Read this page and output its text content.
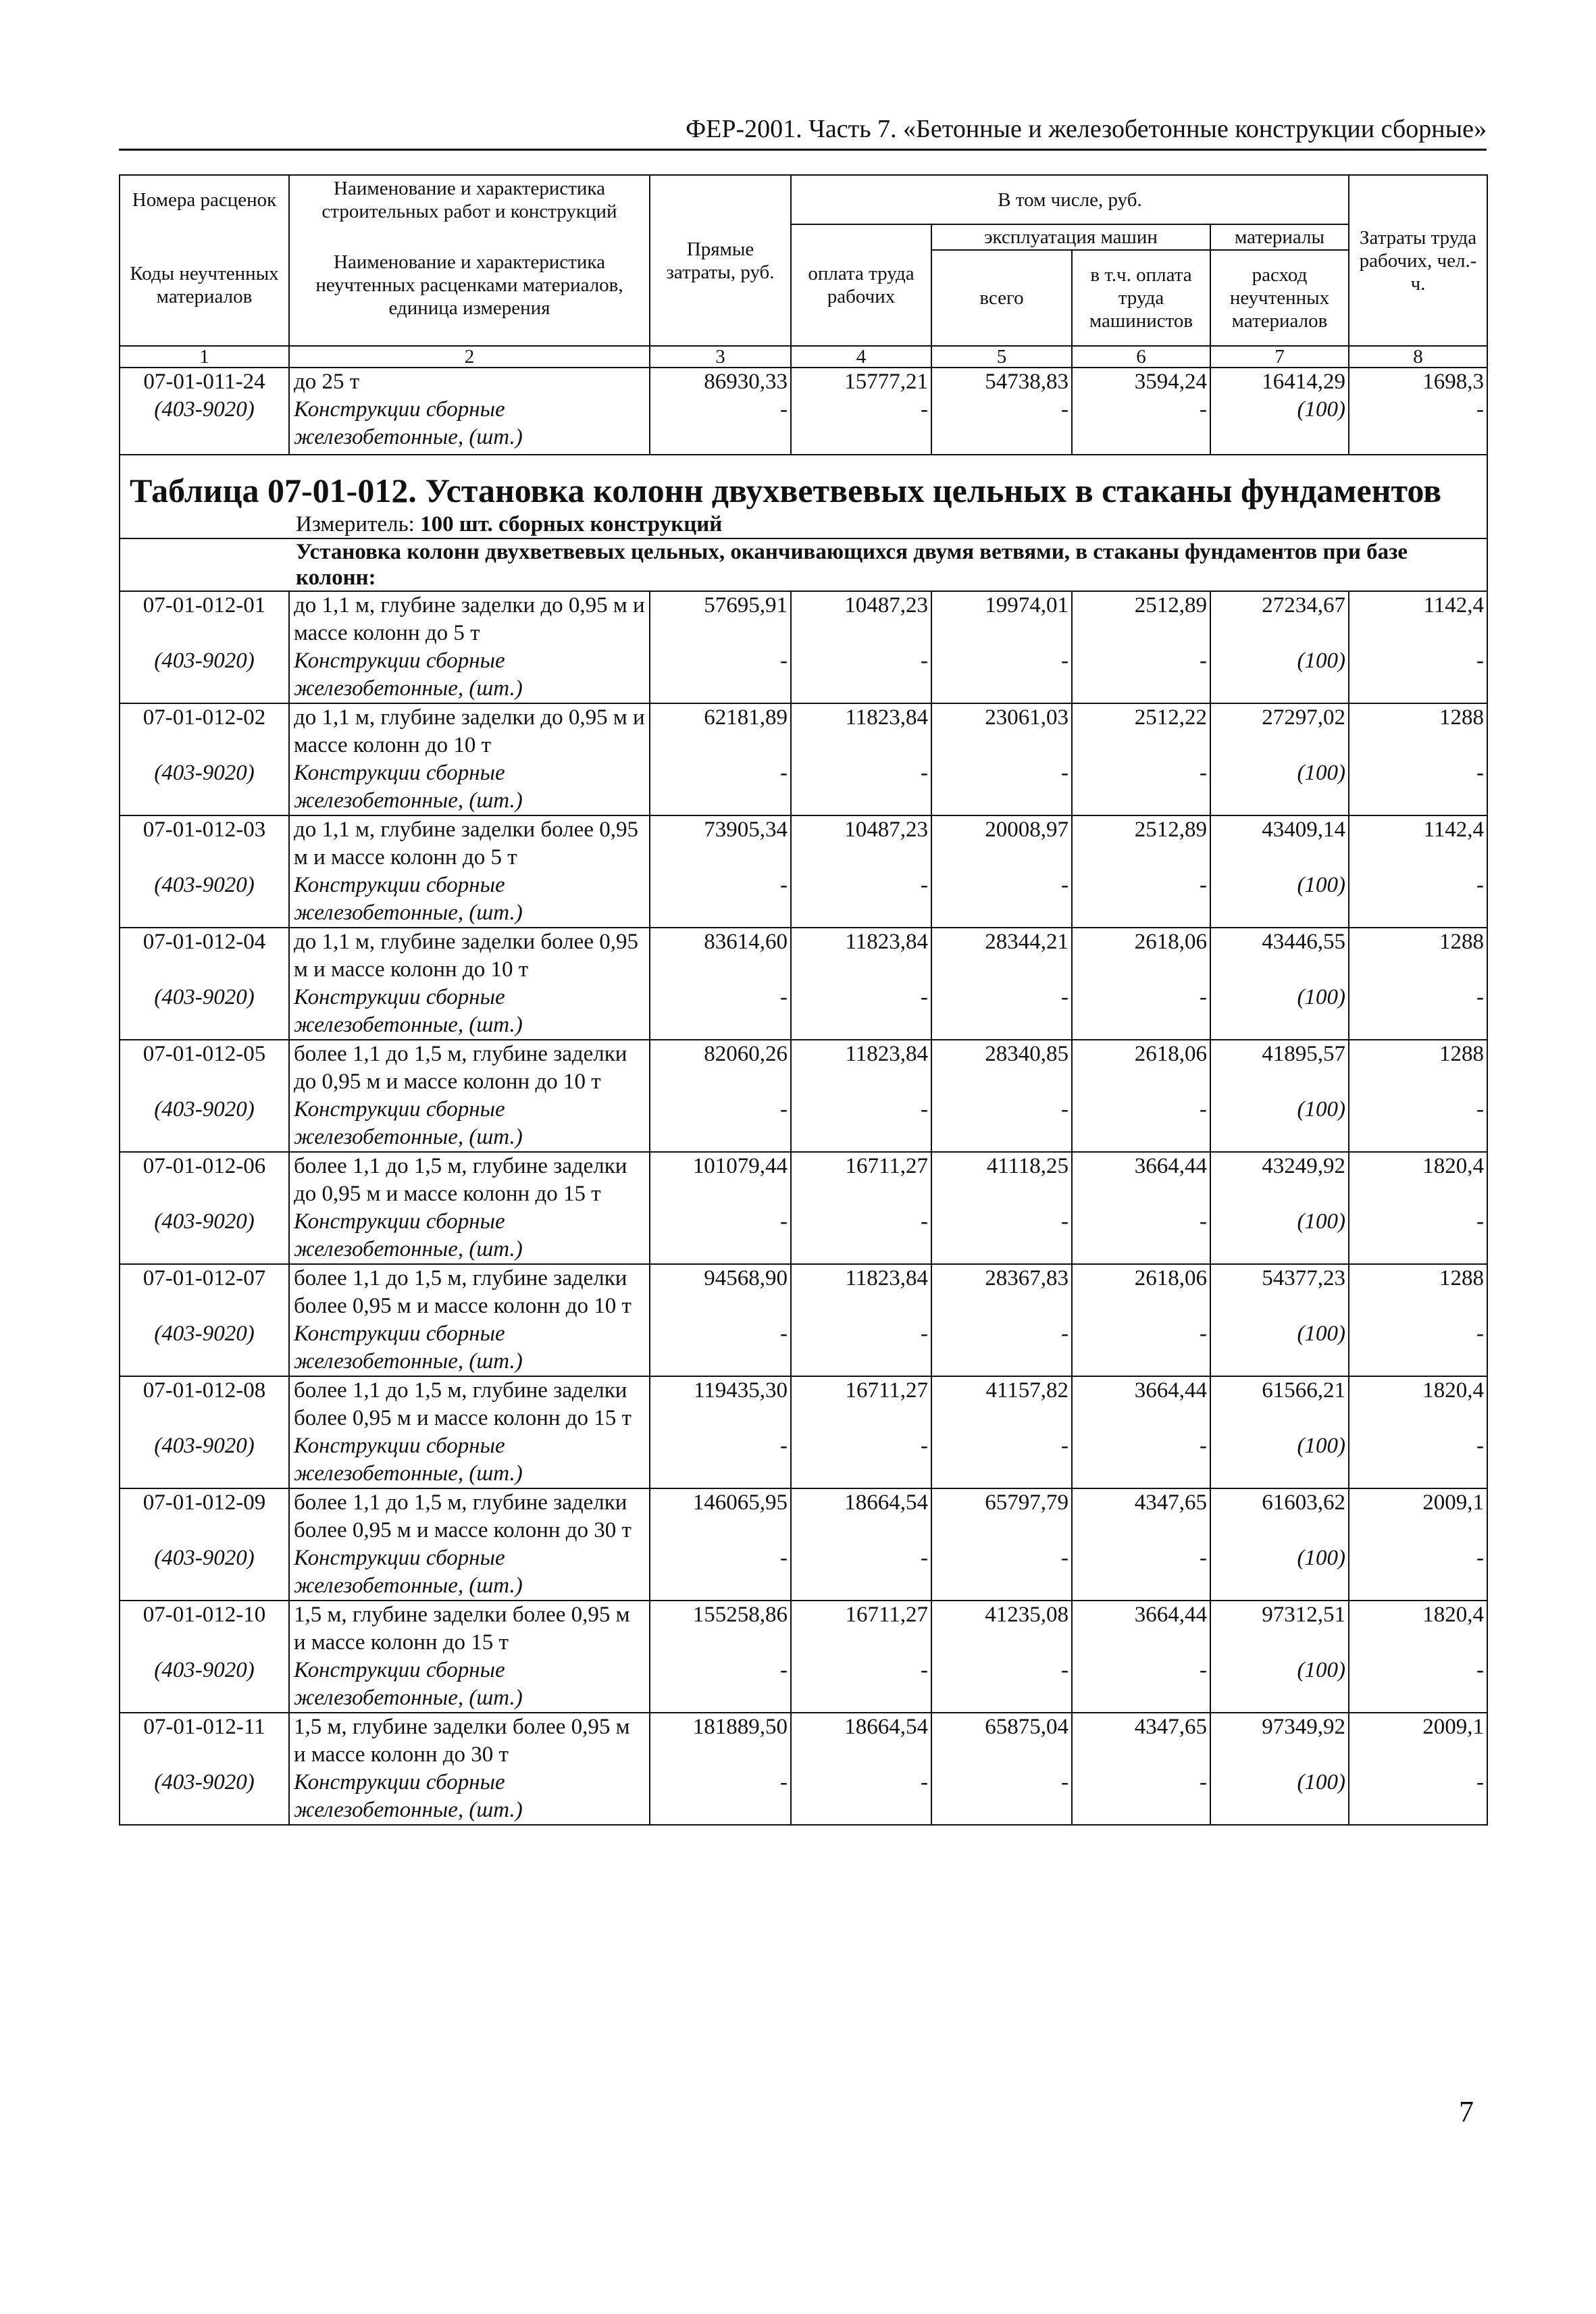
ФЕР-2001. Часть 7. «Бетонные и железобетонные конструкции сборные»
Номера расценок	Наименование и характеристика строительных работ и конструкций	Прямые затраты, руб.	В том числе, руб.				Затраты труда рабочих, чел.-ч.
Коды неучтенных материалов	Наименование и характеристика неучтенных расценками материалов, единица измерения		оплата труда рабочих	эксплуатация машин		материалы	
				всего	в т.ч. оплата труда машинистов	расход неучтенных материалов	
1	2	3	4	5	6	7	8
07-01-011-24	до 25 т	86930,33	15777,21	54738,83	3594,24	16414,29	1698,3
(403-9020)	Конструкции сборные железобетонные, (шт.)	-	-	-	-	(100)	-
Таблица 07-01-012. Установка колонн двухветвевых цельных в стаканы фундаментов							
Измеритель: 100 шт. сборных конструкций							
Установка колонн двухветвевых цельных, оканчивающихся двумя ветвями, в стаканы фундаментов при базе колонн:							
07-01-012-01	до 1,1 м, глубине заделки до 0,95 м и массе колонн до 5 т	57695,91	10487,23	19974,01	2512,89	27234,67	1142,4
(403-9020)	Конструкции сборные железобетонные, (шт.)	-	-	-	-	(100)	-
07-01-012-02	до 1,1 м, глубине заделки до 0,95 м и массе колонн до 10 т	62181,89	11823,84	23061,03	2512,22	27297,02	1288
(403-9020)	Конструкции сборные железобетонные, (шт.)	-	-	-	-	(100)	-
07-01-012-03	до 1,1 м, глубине заделки более 0,95 м и массе колонн до 5 т	73905,34	10487,23	20008,97	2512,89	43409,14	1142,4
(403-9020)	Конструкции сборные железобетонные, (шт.)	-	-	-	-	(100)	-
07-01-012-04	до 1,1 м, глубине заделки более 0,95 м и массе колонн до 10 т	83614,60	11823,84	28344,21	2618,06	43446,55	1288
(403-9020)	Конструкции сборные железобетонные, (шт.)	-	-	-	-	(100)	-
07-01-012-05	более 1,1 до 1,5 м, глубине заделки до 0,95 м и массе колонн до 10 т	82060,26	11823,84	28340,85	2618,06	41895,57	1288
(403-9020)	Конструкции сборные железобетонные, (шт.)	-	-	-	-	(100)	-
07-01-012-06	более 1,1 до 1,5 м, глубине заделки до 0,95 м и массе колонн до 15 т	101079,44	16711,27	41118,25	3664,44	43249,92	1820,4
(403-9020)	Конструкции сборные железобетонные, (шт.)	-	-	-	-	(100)	-
07-01-012-07	более 1,1 до 1,5 м, глубине заделки более 0,95 м и массе колонн до 10 т	94568,90	11823,84	28367,83	2618,06	54377,23	1288
(403-9020)	Конструкции сборные железобетонные, (шт.)	-	-	-	-	(100)	-
07-01-012-08	более 1,1 до 1,5 м, глубине заделки более 0,95 м и массе колонн до 15 т	119435,30	16711,27	41157,82	3664,44	61566,21	1820,4
(403-9020)	Конструкции сборные железобетонные, (шт.)	-	-	-	-	(100)	-
07-01-012-09	более 1,1 до 1,5 м, глубине заделки более 0,95 м и массе колонн до 30 т	146065,95	18664,54	65797,79	4347,65	61603,62	2009,1
(403-9020)	Конструкции сборные железобетонные, (шт.)	-	-	-	-	(100)	-
07-01-012-10	1,5 м, глубине заделки более 0,95 м и массе колонн до 15 т	155258,86	16711,27	41235,08	3664,44	97312,51	1820,4
(403-9020)	Конструкции сборные железобетонные, (шт.)	-	-	-	-	(100)	-
07-01-012-11	1,5 м, глубине заделки более 0,95 м и массе колонн до 30 т	181889,50	18664,54	65875,04	4347,65	97349,92	2009,1
(403-9020)	Конструкции сборные железобетонные, (шт.)	-	-	-	-	(100)	-
7
